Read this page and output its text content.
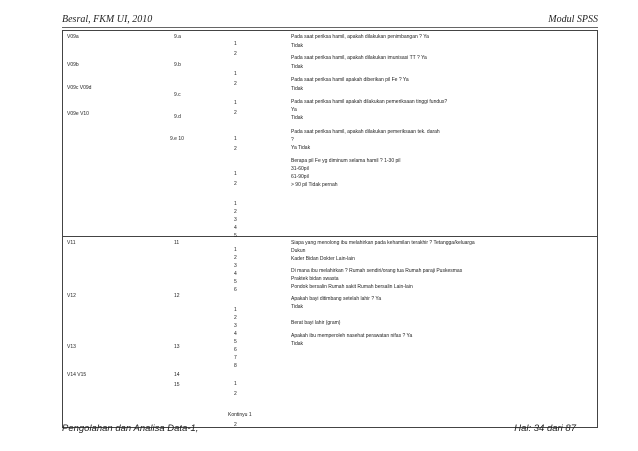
Besral, FKM UI, 2010	Modul SPSS
V09a
V09b
V09c V09d
V09e V10
V11
V12
V13
V14 V15
9.a
9.b
9.c
9.d
9.e 10
11
12
13
14
15
1
2
1
2
1
2
1
2
1
2
1
2
3
4
5
1
2
3
4
5
6
1
2
3
4
5
6
7
8
1
2
Kontinyu 1
2
Pada saat periksa hamil, apakah dilakukan penimbangan ? Ya
Tidak
Pada saat periksa hamil, apakah dilakukan imunisasi TT ? Ya
Tidak
Pada saat periksa hamil apakah diberikan pil Fe ? Ya
Tidak
Pada saat periksa hamil apakah dilakukan pemeriksaan tinggi fundus?
Ya
Tidak
Pada saat periksa hamil, apakah dilakukan pemeriksaan tek. darah
?
Ya Tidak
Berapa pil Fe yg diminum selama hamil ? 1-30 pil
31-60pil
61-90pil
> 90 pil Tidak pernah
Siapa yang menolong ibu melahirkan pada kehamilan terakhir ? Tetangga/keluarga
Dukun
Kader Bidan Dokter Lain-lain
Di mana ibu melahirkan ? Rumah sendiri/orang tua Rumah paraji Puskesmas
Praktek bidan swasta
Pondok bersalin Rumah sakit Rumah bersalin Lain-lain
Apakah bayi ditimbang setelah lahir ? Ya
Tidak
Berat bayi lahir (gram)
Apakah ibu memperoleh nasehat perawatan nifas ? Ya
Tidak
Pengolahan dan Analisa Data-1,	Hal: 34 dari 87
